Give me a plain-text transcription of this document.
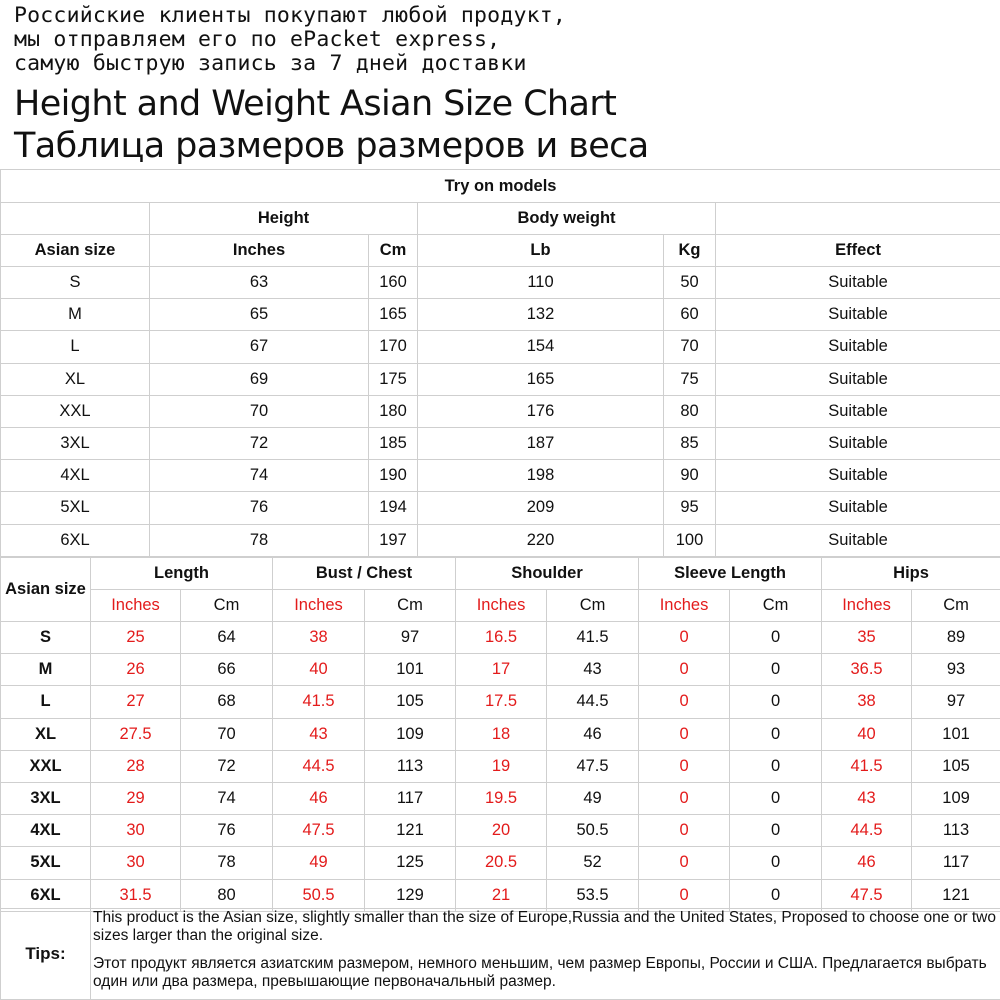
Российские клиенты покупают любой продукт,
мы отправляем его по ePacket express,
самую быструю запись за 7 дней доставки
Height and Weight Asian Size Chart
Таблица размеров размеров и веса
Try on models					
	Height		Body weight		
Asian size	Inches	Cm	Lb	Kg	Effect
S	63	160	110	50	Suitable
M	65	165	132	60	Suitable
L	67	170	154	70	Suitable
XL	69	175	165	75	Suitable
XXL	70	180	176	80	Suitable
3XL	72	185	187	85	Suitable
4XL	74	190	198	90	Suitable
5XL	76	194	209	95	Suitable
6XL	78	197	220	100	Suitable
Asian size	Length		Bust / Chest		Shoulder		Sleeve Length		Hips	
	Inches	Cm	Inches	Cm	Inches	Cm	Inches	Cm	Inches	Cm
S	25	64	38	97	16.5	41.5	0	0	35	89
M	26	66	40	101	17	43	0	0	36.5	93
L	27	68	41.5	105	17.5	44.5	0	0	38	97
XL	27.5	70	43	109	18	46	0	0	40	101
XXL	28	72	44.5	113	19	47.5	0	0	41.5	105
3XL	29	74	46	117	19.5	49	0	0	43	109
4XL	30	76	47.5	121	20	50.5	0	0	44.5	113
5XL	30	78	49	125	20.5	52	0	0	46	117
6XL	31.5	80	50.5	129	21	53.5	0	0	47.5	121
Tips:	

This product is the Asian size, slightly smaller than the size of Europe,Russia and the United States, Proposed to choose one or two sizes larger than the original size.

Этот продукт является азиатским размером, немного меньшим, чем размер Европы, России и США. Предлагается выбрать один или два размера, превышающие первоначальный размер.
